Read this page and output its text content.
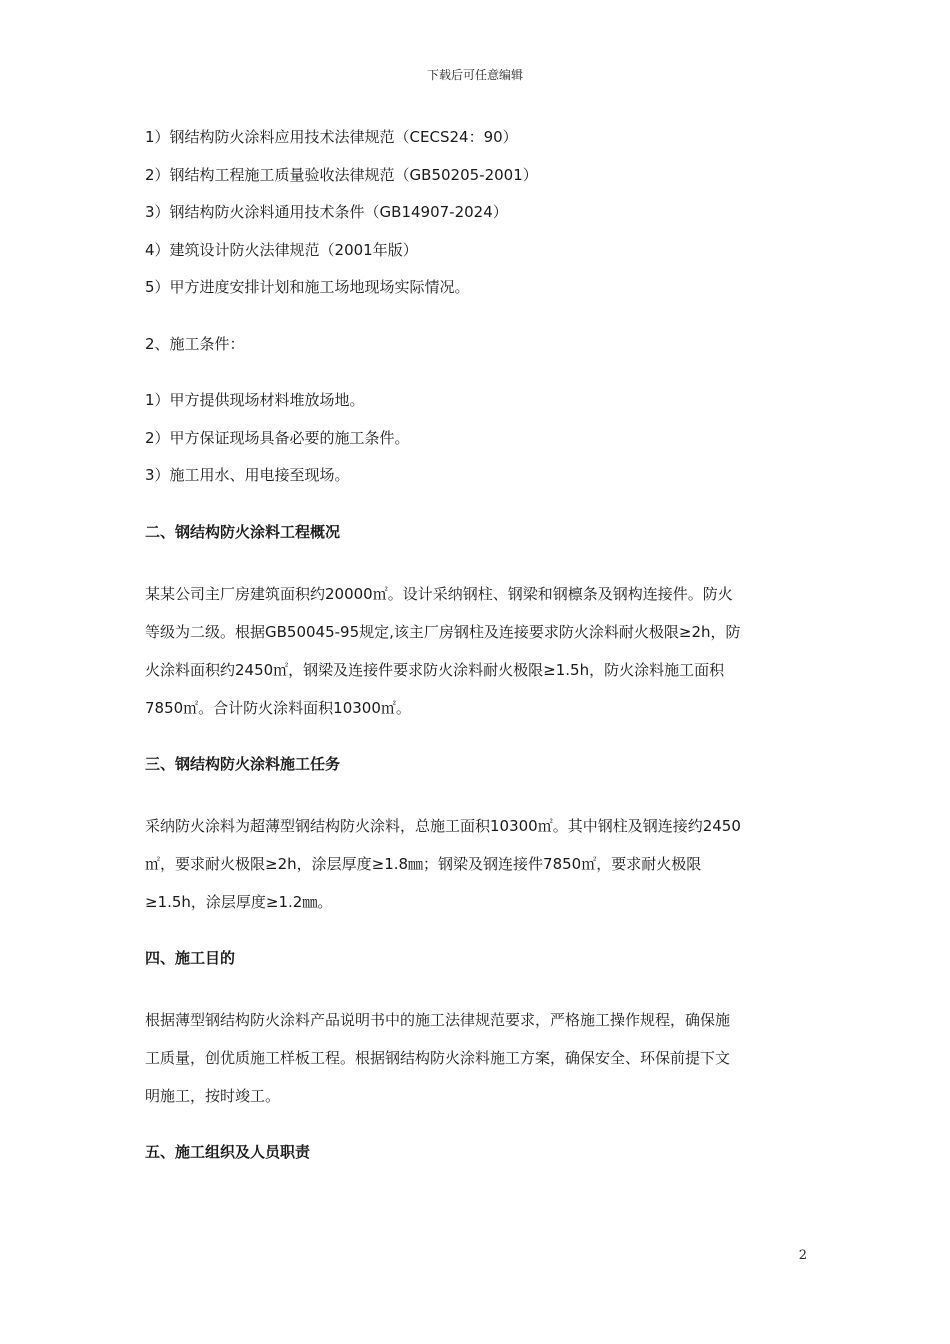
下载后可任意编辑

1）钢结构防火涂料应用技术法律规范（CECS24：90）

2）钢结构工程施工质量验收法律规范（GB50205-2001）

3）钢结构防火涂料通用技术条件（GB14907-2024）

4）建筑设计防火法律规范（2001年版）

5）甲方进度安排计划和施工场地现场实际情况。

2、施工条件：

1）甲方提供现场材料堆放场地。

2）甲方保证现场具备必要的施工条件。

3）施工用水、用电接至现场。

二、钢结构防火涂料工程概况

某某公司主厂房建筑面积约20000㎡。设计采纳钢柱、钢梁和钢檩条及钢构连接件。防火

等级为二级。根据GB50045-95规定,该主厂房钢柱及连接要求防火涂料耐火极限≥2h，防

火涂料面积约2450㎡，钢梁及连接件要求防火涂料耐火极限≥1.5h，防火涂料施工面积

7850㎡。合计防火涂料面积10300㎡。

三、钢结构防火涂料施工任务

采纳防火涂料为超薄型钢结构防火涂料，总施工面积10300㎡。其中钢柱及钢连接约2450

㎡，要求耐火极限≥2h，涂层厚度≥1.8㎜；钢梁及钢连接件7850㎡，要求耐火极限

≥1.5h，涂层厚度≥1.2㎜。

四、施工目的

根据薄型钢结构防火涂料产品说明书中的施工法律规范要求，严格施工操作规程，确保施

工质量，创优质施工样板工程。根据钢结构防火涂料施工方案，确保安全、环保前提下文

明施工，按时竣工。

五、施工组织及人员职责
2
